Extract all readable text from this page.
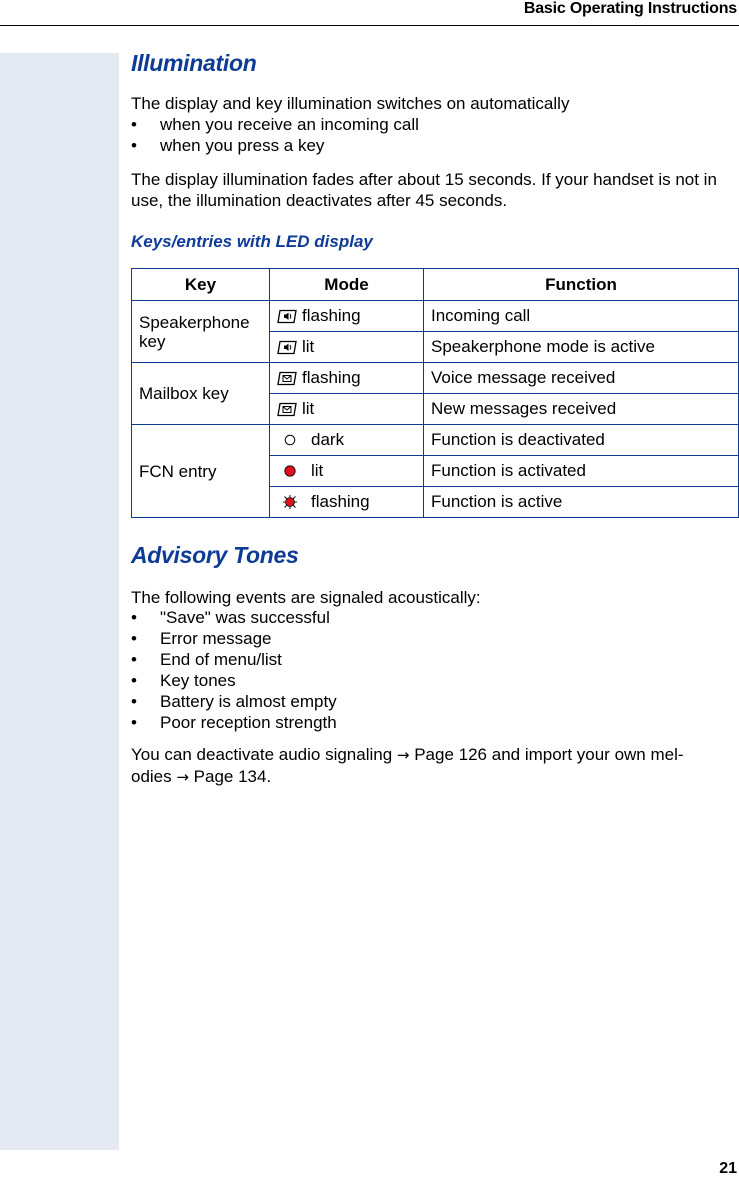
Basic Operating Instructions
Illumination

The display and key illumination switches on automatically

• when you receive an incoming call
• when you press a key

The display illumination fades after about 15 seconds. If your handset is not in use, the illumination deactivates after 45 seconds.

Keys/entries with LED display
Key	Mode	Function
Speakerphone key	flashing	Incoming call

	lit	Speakerphone mode is active
Mailbox key	flashing	Voice message received

	lit	New messages received
FCN entry	dark	Function is deactivated

	lit	Function is activated

	flashing	Function is active
Advisory Tones

The following events are signaled acoustically:

• "Save" was successful
• Error message
• End of menu/list
• Key tones
• Battery is almost empty
• Poor reception strength

You can deactivate audio signaling → Page 126 and import your own mel-
odies → Page 134.

21
